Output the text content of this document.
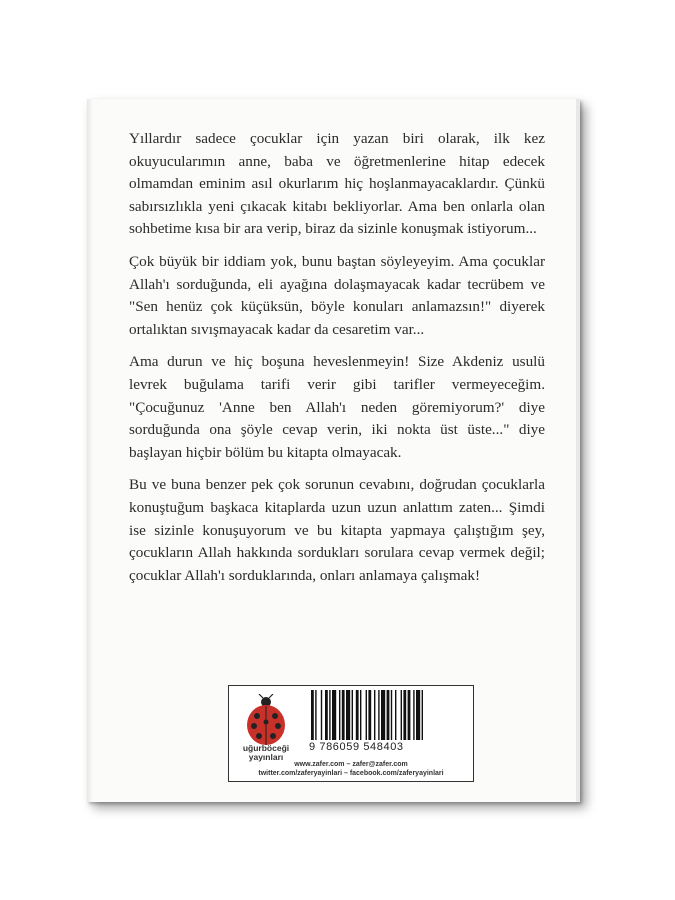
Yıllardır sadece çocuklar için yazan biri olarak, ilk kez okuyucularımın anne, baba ve öğretmenlerine hitap edecek olmamdan eminim asıl okurlarım hiç hoşlanmayacaklardır. Çünkü sabırsızlıkla yeni çıkacak kitabı bekliyorlar. Ama ben onlarla olan sohbetime kısa bir ara verip, biraz da sizinle konuşmak istiyorum...

Çok büyük bir iddiam yok, bunu baştan söyleyeyim. Ama çocuklar Allah'ı sorduğunda, eli ayağına dolaşmayacak kadar tecrübem ve "Sen henüz çok küçüksün, böyle konuları anlamazsın!" diyerek ortalıktan sıvışmayacak kadar da cesaretim var...

Ama durun ve hiç boşuna heveslenmeyin! Size Akdeniz usulü levrek buğulama tarifi verir gibi tarifler vermeyeceğim. "Çocuğunuz 'Anne ben Allah'ı neden göremiyorum?' diye sorduğunda ona şöyle cevap verin, iki nokta üst üste..." diye başlayan hiçbir bölüm bu kitapta olmayacak.

Bu ve buna benzer pek çok sorunun cevabını, doğrudan çocuklarla konuştuğum başkaca kitaplarda uzun uzun anlattım zaten... Şimdi ise sizinle konuşuyorum ve bu kitapta yapmaya çalıştığım şey, çocukların Allah hakkında sordukları sorulara cevap vermek değil; çocuklar Allah'ı sorduklarında, onları anlamaya çalışmak!

uğurböceği
yayınları
9 786059 548403
www.zafer.com – zafer@zafer.com
twitter.com/zaferyayinlari – facebook.com/zaferyayinlari
